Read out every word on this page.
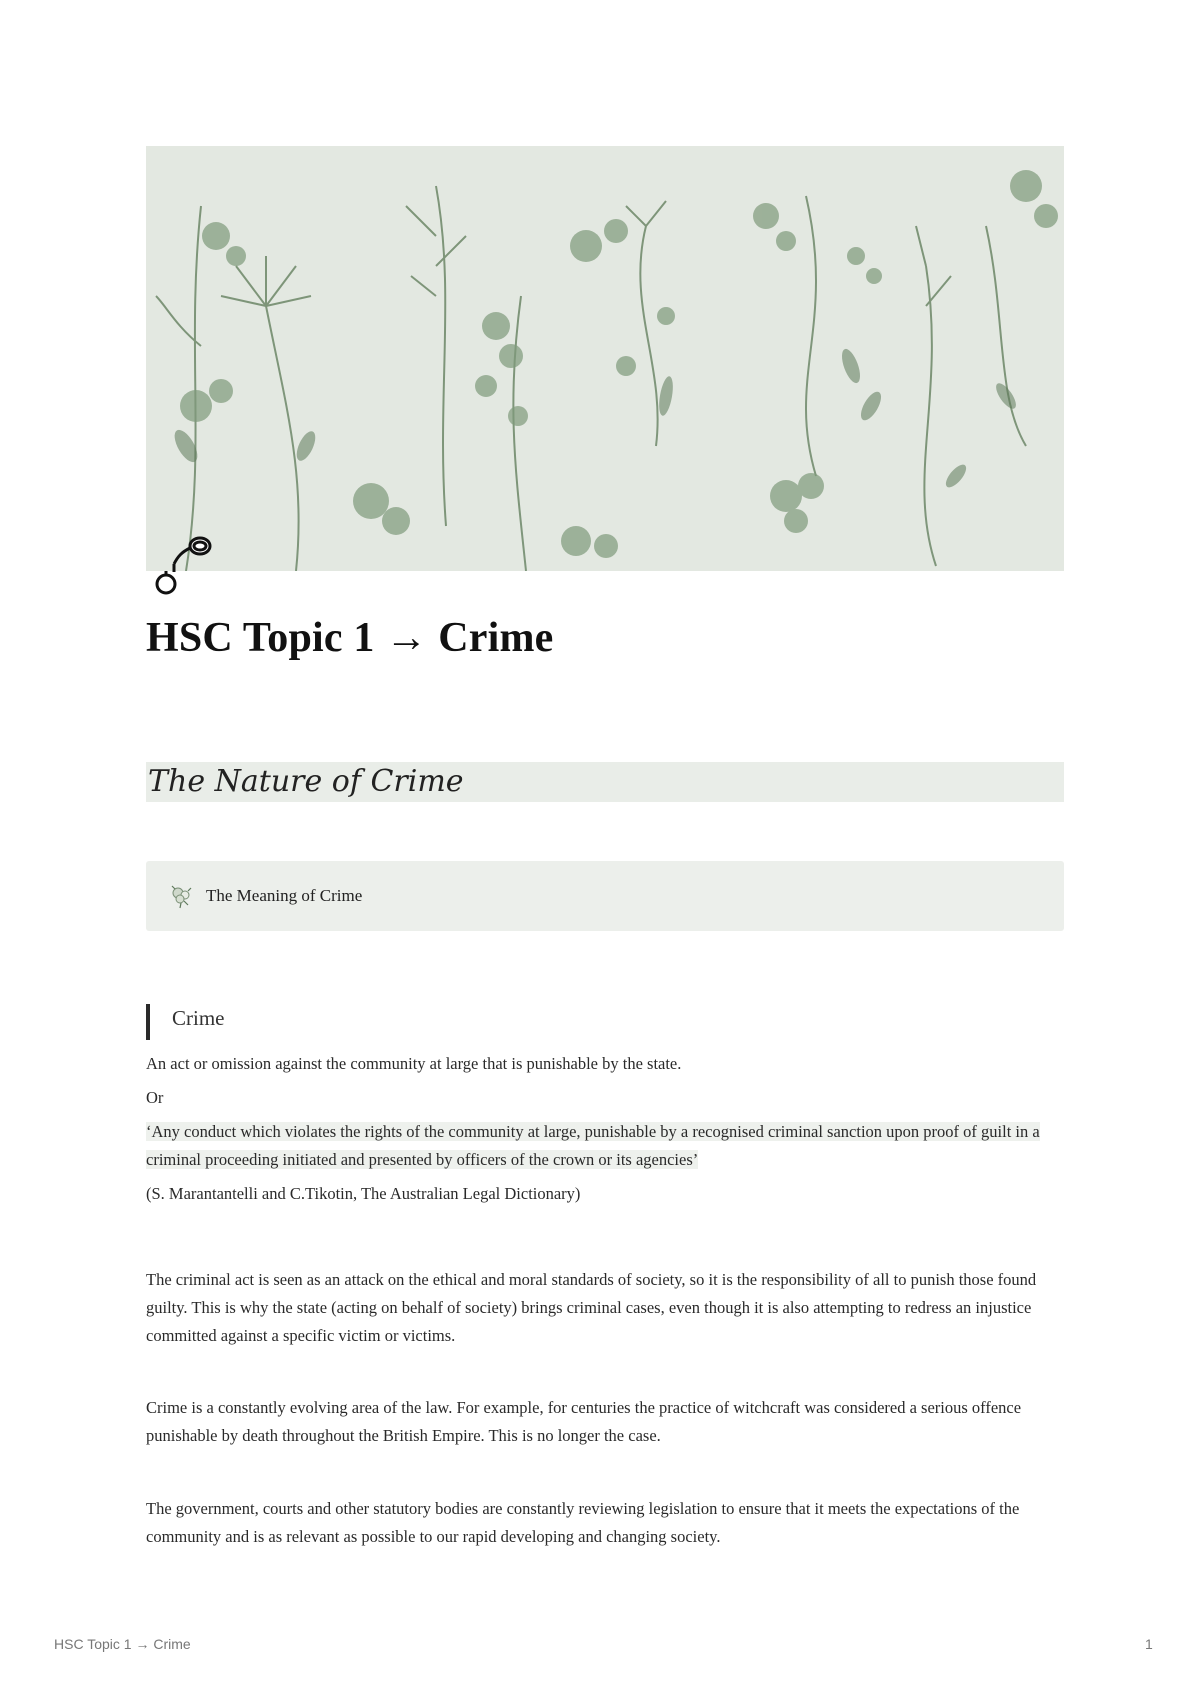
HSC Topic 1 → Crime
The Nature of Crime
The Meaning of Crime
Crime

An act or omission against the community at large that is punishable by the state.

Or

‘Any conduct which violates the rights of the community at large, punishable by a recognised criminal sanction upon proof of guilt in a criminal proceeding initiated and presented by officers of the crown or its agencies’

(S. Marantantelli and C.Tikotin, The Australian Legal Dictionary)

The criminal act is seen as an attack on the ethical and moral standards of society, so it is the responsibility of all to punish those found guilty. This is why the state (acting on behalf of society) brings criminal cases, even though it is also attempting to redress an injustice committed against a specific victim or victims.

Crime is a constantly evolving area of the law. For example, for centuries the practice of witchcraft was considered a serious offence punishable by death throughout the British Empire. This is no longer the case.

The government, courts and other statutory bodies are constantly reviewing legislation to ensure that it meets the expectations of the community and is as relevant as possible to our rapid developing and changing society.

HSC Topic 1 → Crime	1
